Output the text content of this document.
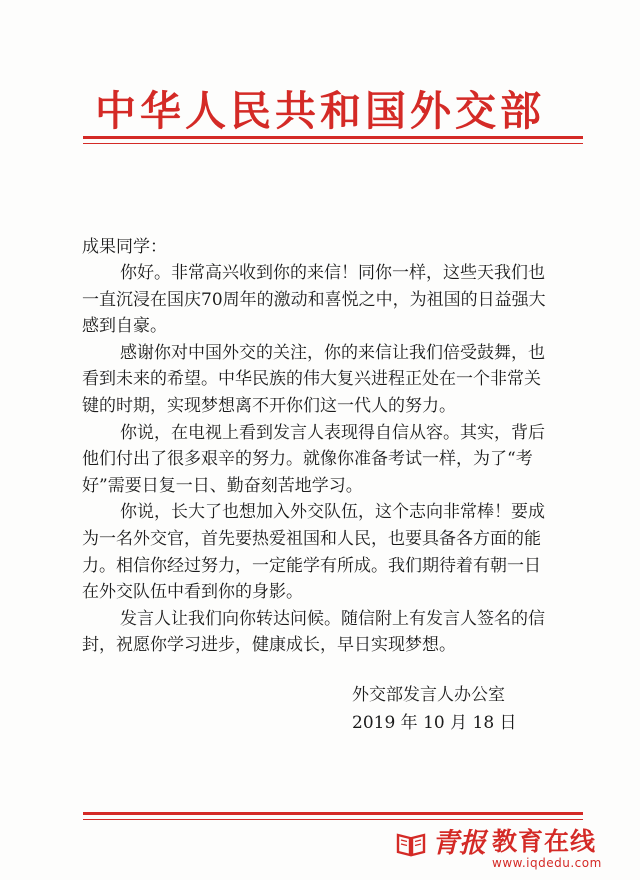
中华人民共和国外交部
成果同学：

你好。非常高兴收到你的来信！同你一样，这些天我们也一直沉浸在国庆70周年的激动和喜悦之中，为祖国的日益强大感到自豪。

感谢你对中国外交的关注，你的来信让我们倍受鼓舞，也看到未来的希望。中华民族的伟大复兴进程正处在一个非常关键的时期，实现梦想离不开你们这一代人的努力。

你说，在电视上看到发言人表现得自信从容。其实，背后他们付出了很多艰辛的努力。就像你准备考试一样，为了“考好”需要日复一日、勤奋刻苦地学习。

你说，长大了也想加入外交队伍，这个志向非常棒！要成为一名外交官，首先要热爱祖国和人民，也要具备各方面的能力。相信你经过努力，一定能学有所成。我们期待着有朝一日在外交队伍中看到你的身影。

发言人让我们向你转达问候。随信附上有发言人签名的信封，祝愿你学习进步，健康成长，早日实现梦想。

外交部发言人办公室
2019 年 10 月 18 日
青报 教育在线
www.iqdedu.com
